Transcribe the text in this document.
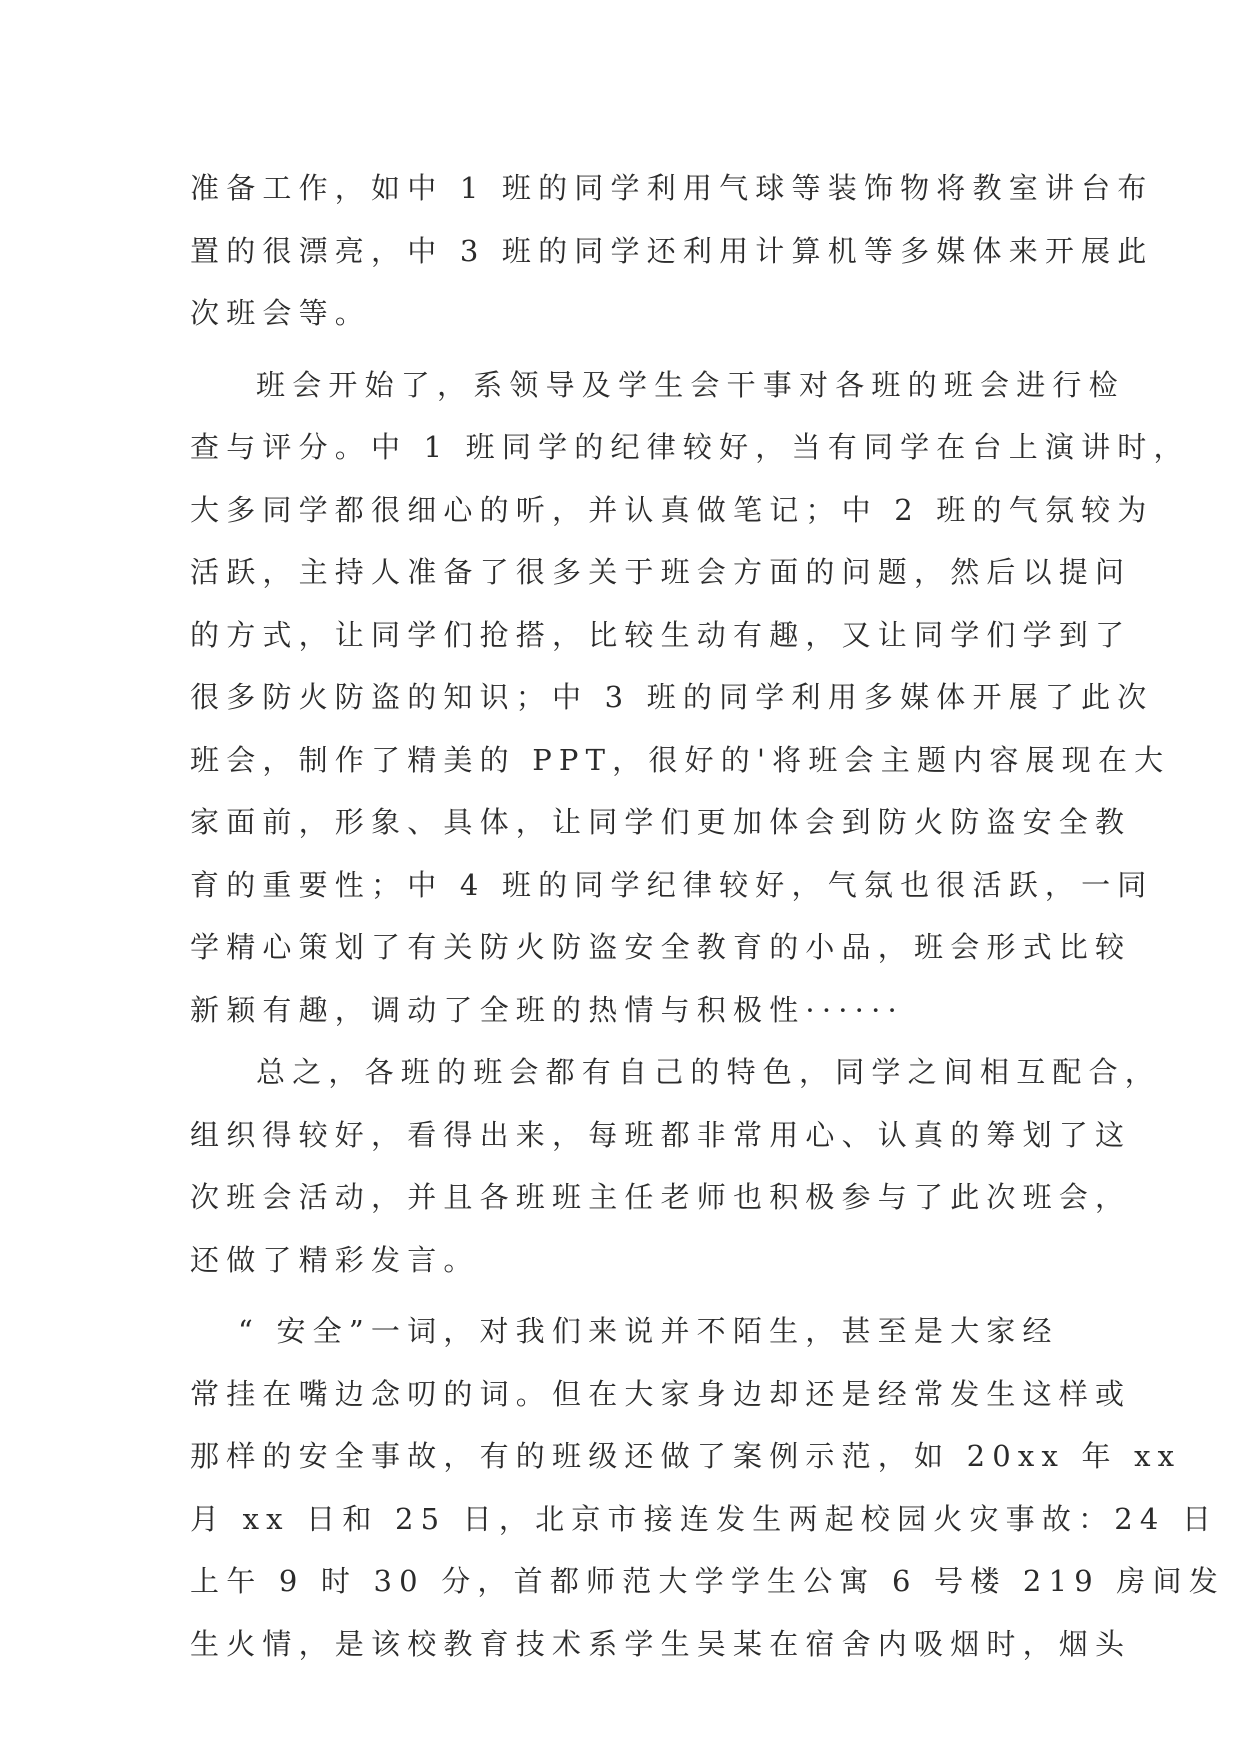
准备工作，如中 1 班的同学利用气球等装饰物将教室讲台布
置的很漂亮，中 3 班的同学还利用计算机等多媒体来开展此
次班会等。
班会开始了，系领导及学生会干事对各班的班会进行检
查与评分。中 1 班同学的纪律较好，当有同学在台上演讲时，
大多同学都很细心的听，并认真做笔记；中 2 班的气氛较为
活跃，主持人准备了很多关于班会方面的问题，然后以提问
的方式，让同学们抢搭，比较生动有趣，又让同学们学到了
很多防火防盗的知识；中 3 班的同学利用多媒体开展了此次
班会，制作了精美的 PPT，很好的'将班会主题内容展现在大
家面前，形象、具体，让同学们更加体会到防火防盗安全教
育的重要性；中 4 班的同学纪律较好，气氛也很活跃，一同
学精心策划了有关防火防盗安全教育的小品，班会形式比较
新颖有趣，调动了全班的热情与积极性······
总之，各班的班会都有自己的特色，同学之间相互配合，
组织得较好，看得出来，每班都非常用心、认真的筹划了这
次班会活动，并且各班班主任老师也积极参与了此次班会，
还做了精彩发言。
“ 安全”一词，对我们来说并不陌生，甚至是大家经
常挂在嘴边念叨的词。但在大家身边却还是经常发生这样或
那样的安全事故，有的班级还做了案例示范，如 20xx 年 xx
月 xx 日和 25 日，北京市接连发生两起校园火灾事故：24 日
上午 9 时 30 分，首都师范大学学生公寓 6 号楼 219 房间发
生火情，是该校教育技术系学生吴某在宿舍内吸烟时，烟头
